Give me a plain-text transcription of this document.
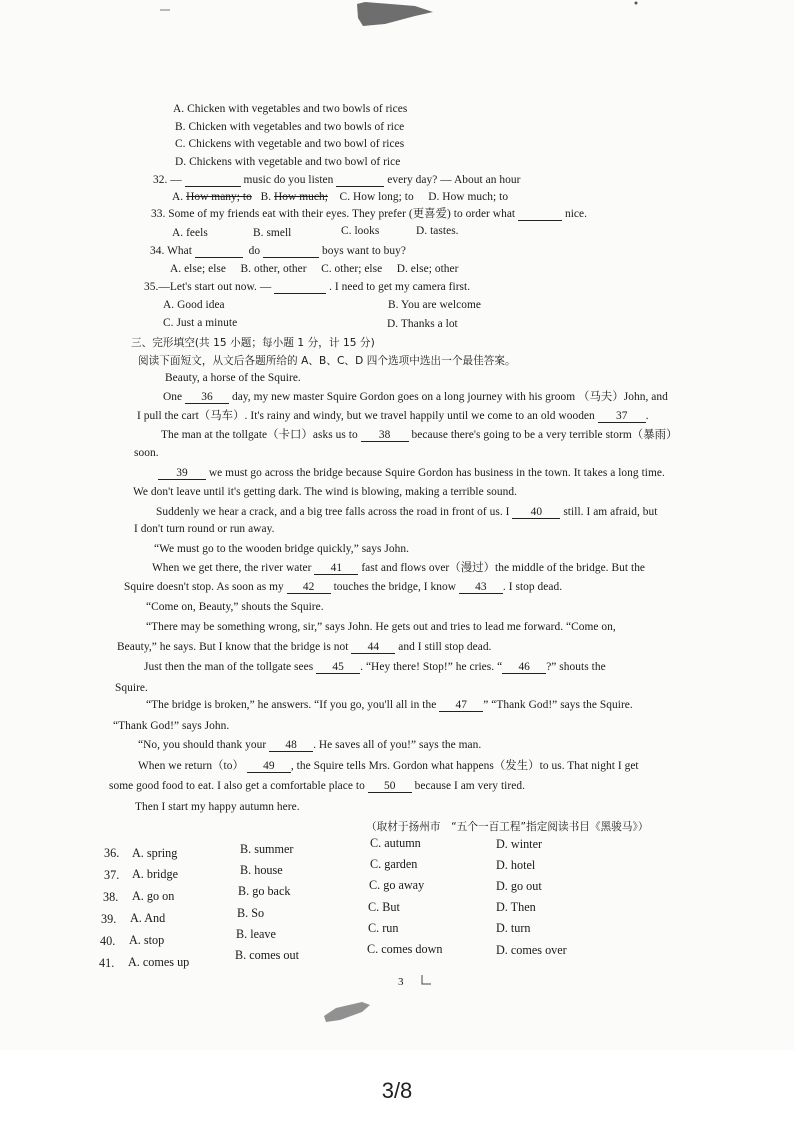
A. Chicken with vegetables and two bowls of rices
B. Chicken with vegetables and two bowls of rice
C. Chickens with vegetable and two bowl of rices
D. Chickens with vegetable and two bowl of rice
32. —	music do you listen	every day? — About an hour
A. How many; to B. How much; C. How long; to D. How much; to
33. Some of my friends eat with their eyes. They prefer (更喜爱) to order what	nice.
A. feels	B. smell	C. looks	D. tastes.
34. What	do	boys want to buy?
A. else; else B. other, other C. other; else D. else; other
35.—Let's start out now. —	. I need to get my camera first.
A. Good idea	B. You are welcome
C. Just a minute	D. Thanks a lot
三、完形填空(共 15 小题；每小题 1 分，计 15 分)
阅读下面短文，从文后各题所给的 A、B、C、D 四个选项中选出一个最佳答案。
Beauty, a horse of the Squire.
One 36 day, my new master Squire Gordon goes on a long journey with his groom （马夫）John, and
I pull the cart（马车）. It's rainy and windy, but we travel happily until we come to an old wooden 37 .
The man at the tollgate（卡口）asks us to 38 because there's going to be a very terrible storm（暴雨）
soon.
39 we must go across the bridge because Squire Gordon has business in the town. It takes a long time.
We don't leave until it's getting dark. The wind is blowing, making a terrible sound.
Suddenly we hear a crack, and a big tree falls across the road in front of us. I 40 still. I am afraid, but
I don't turn round or run away.
“We must go to the wooden bridge quickly,” says John.
When we get there, the river water 41 fast and flows over（漫过）the middle of the bridge. But the
Squire doesn't stop. As soon as my 42 touches the bridge, I know 43 . I stop dead.
“Come on, Beauty,” shouts the Squire.
“There may be something wrong, sir,” says John. He gets out and tries to lead me forward. “Come on,
Beauty,” he says. But I know that the bridge is not 44 and I still stop dead.
Just then the man of the tollgate sees 45 . “Hey there! Stop!” he cries. “ 46 ?” shouts the
Squire.
“The bridge is broken,” he answers. “If you go, you'll all in the 47 ” “Thank God!” says the Squire.
“Thank God!” says John.
“No, you should thank your 48 . He saves all of you!” says the man.
When we return（to） 49 , the Squire tells Mrs. Gordon what happens（发生）to us. That night I get
some good food to eat. I also get a comfortable place to 50 because I am very tired.
Then I start my happy autumn here.
（取材于扬州市　“五个一百工程”指定阅读书目《黑骏马》）
36. A. spring	B. summer	C. autumn	D. winter
37. A. bridge	B. house	C. garden	D. hotel
38. A. go on	B. go back	C. go away	D. go out
39. A. And	B. So	C. But	D. Then
40. A. stop	B. leave	C. run	D. turn
41. A. comes up	B. comes out	C. comes down	D. comes over
3
3/8
